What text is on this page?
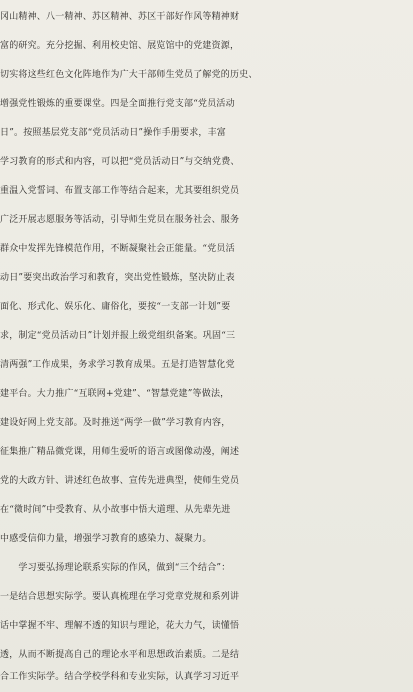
冈山精神、八一精神、苏区精神、苏区干部好作风等精神财
富的研究。充分挖掘、利用校史馆、展览馆中的党建资源，
切实将这些红色文化阵地作为广大干部师生党员了解党的历史、
增强党性锻炼的重要课堂。四是全面推行党支部“党员活动
日”。按照基层党支部“党员活动日”操作手册要求，丰富
学习教育的形式和内容，可以把“党员活动日”与交纳党费、
重温入党誓词、布置支部工作等结合起来，尤其要组织党员
广泛开展志愿服务等活动，引导师生党员在服务社会、服务
群众中发挥先锋模范作用，不断凝聚社会正能量。“党员活
动日”要突出政治学习和教育，突出党性锻炼，坚决防止表
面化、形式化、娱乐化、庸俗化，要按“一支部一计划”要
求，制定“党员活动日”计划并报上级党组织备案。巩固“三
清两强”工作成果，务求学习教育成果。五是打造智慧化党
建平台。大力推广“互联网+党建”、“智慧党建”等做法，
建设好网上党支部。及时推送“两学一做”学习教育内容，
征集推广精品微党课，用师生爱听的语言或图像动漫，阐述
党的大政方针、讲述红色故事、宣传先进典型，使师生党员
在“微时间”中受教育、从小故事中悟大道理、从先辈先进
中感受信仰力量，增强学习教育的感染力、凝聚力。
　　学习要弘扬理论联系实际的作风，做到“三个结合”：
一是结合思想实际学。要认真梳理在学习党章党规和系列讲
话中掌握不牢、理解不透的知识与理论，花大力气，读懂悟
透，从而不断提高自己的理论水平和思想政治素质。二是结
合工作实际学。结合学校学科和专业实际，认真学习习近平
